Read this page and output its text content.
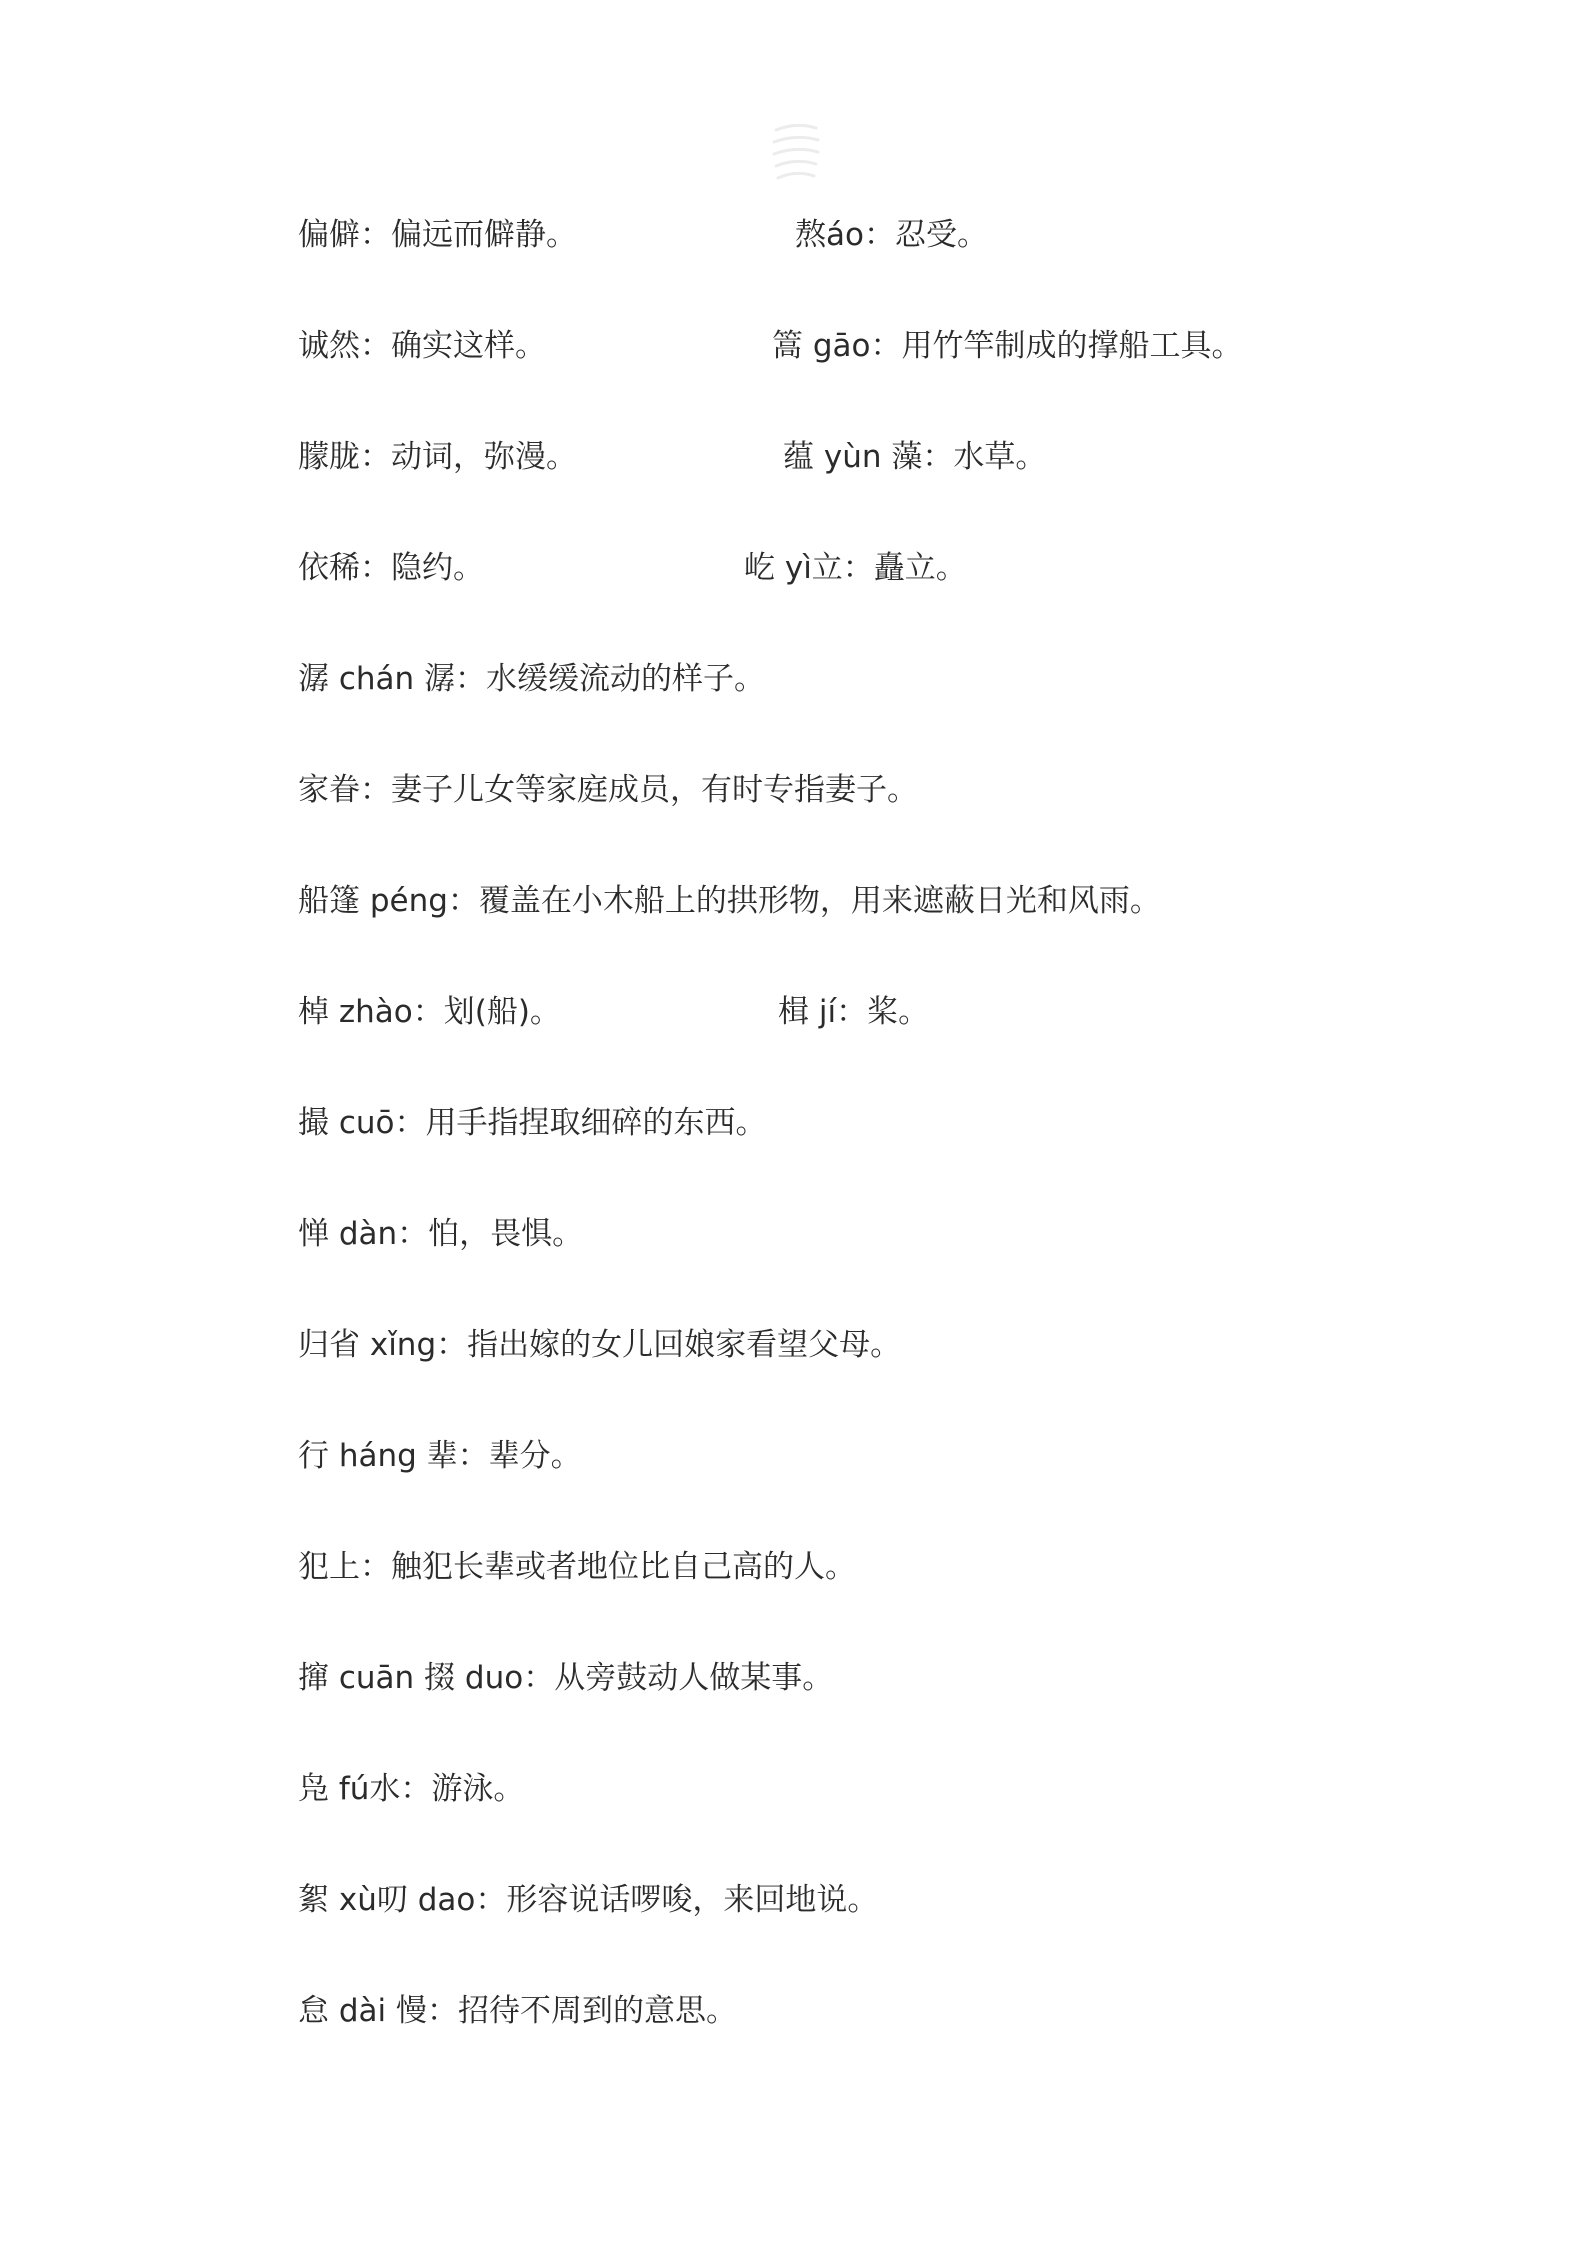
偏僻：偏远而僻静。	熬áo：忍受。
诚然：确实这样。	篙 gāo：用竹竿制成的撑船工具。
朦胧：动词，弥漫。	蕴 yùn 藻：水草。
依稀：隐约。	屹 yì立：矗立。
潺 chán 潺：水缓缓流动的样子。
家眷：妻子儿女等家庭成员，有时专指妻子。
船篷 péng：覆盖在小木船上的拱形物，用来遮蔽日光和风雨。
棹 zhào：划(船)。	楫 jí：桨。
撮 cuō：用手指捏取细碎的东西。
惮 dàn：怕，畏惧。
归省 xǐng：指出嫁的女儿回娘家看望父母。
行 háng 辈：辈分。
犯上：触犯长辈或者地位比自己高的人。
撺 cuān 掇 duo：从旁鼓动人做某事。
凫 fú水：游泳。
絮 xù叨 dao：形容说话啰唆，来回地说。
怠 dài 慢：招待不周到的意思。
